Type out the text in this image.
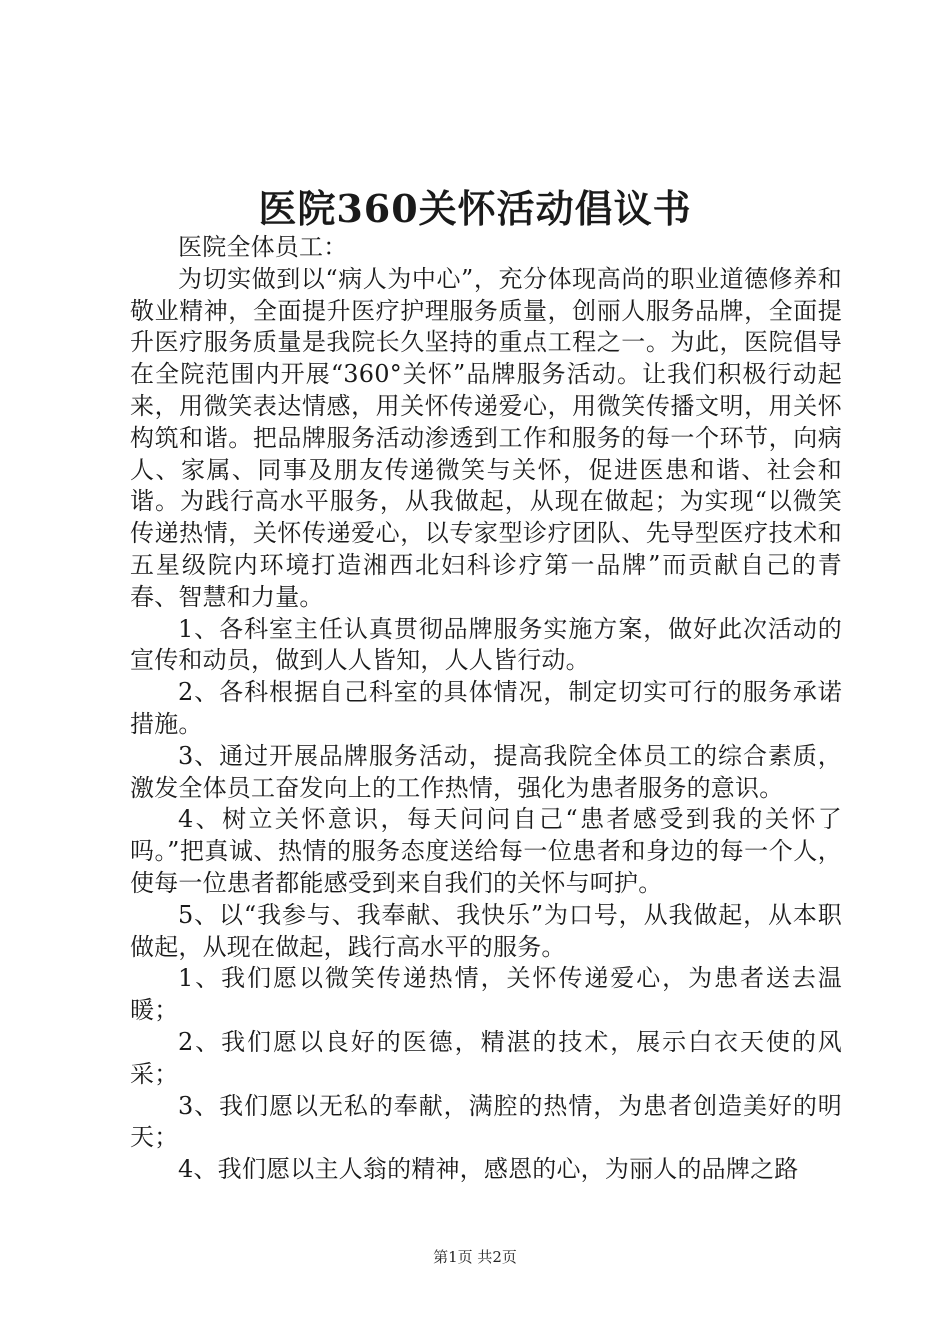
医院360关怀活动倡议书

医院全体员工：

为切实做到以“病人为中心”，充分体现高尚的职业道德修养和敬业精神，全面提升医疗护理服务质量，创丽人服务品牌，全面提升医疗服务质量是我院长久坚持的重点工程之一。为此，医院倡导在全院范围内开展“360°关怀”品牌服务活动。让我们积极行动起来，用微笑表达情感，用关怀传递爱心，用微笑传播文明，用关怀构筑和谐。把品牌服务活动渗透到工作和服务的每一个环节，向病人、家属、同事及朋友传递微笑与关怀，促进医患和谐、社会和谐。为践行高水平服务，从我做起，从现在做起；为实现“以微笑传递热情，关怀传递爱心，以专家型诊疗团队、先导型医疗技术和五星级院内环境打造湘西北妇科诊疗第一品牌”而贡献自己的青春、智慧和力量。

1、各科室主任认真贯彻品牌服务实施方案，做好此次活动的宣传和动员，做到人人皆知，人人皆行动。

2、各科根据自己科室的具体情况，制定切实可行的服务承诺措施。

3、通过开展品牌服务活动，提高我院全体员工的综合素质，激发全体员工奋发向上的工作热情，强化为患者服务的意识。

4、树立关怀意识，每天问问自己“患者感受到我的关怀了吗。”把真诚、热情的服务态度送给每一位患者和身边的每一个人，使每一位患者都能感受到来自我们的关怀与呵护。

5、以“我参与、我奉献、我快乐”为口号，从我做起，从本职做起，从现在做起，践行高水平的服务。

1、我们愿以微笑传递热情，关怀传递爱心，为患者送去温暖；

2、我们愿以良好的医德，精湛的技术，展示白衣天使的风采；

3、我们愿以无私的奉献，满腔的热情，为患者创造美好的明天；

4、我们愿以主人翁的精神，感恩的心，为丽人的品牌之路

第1页 共2页
